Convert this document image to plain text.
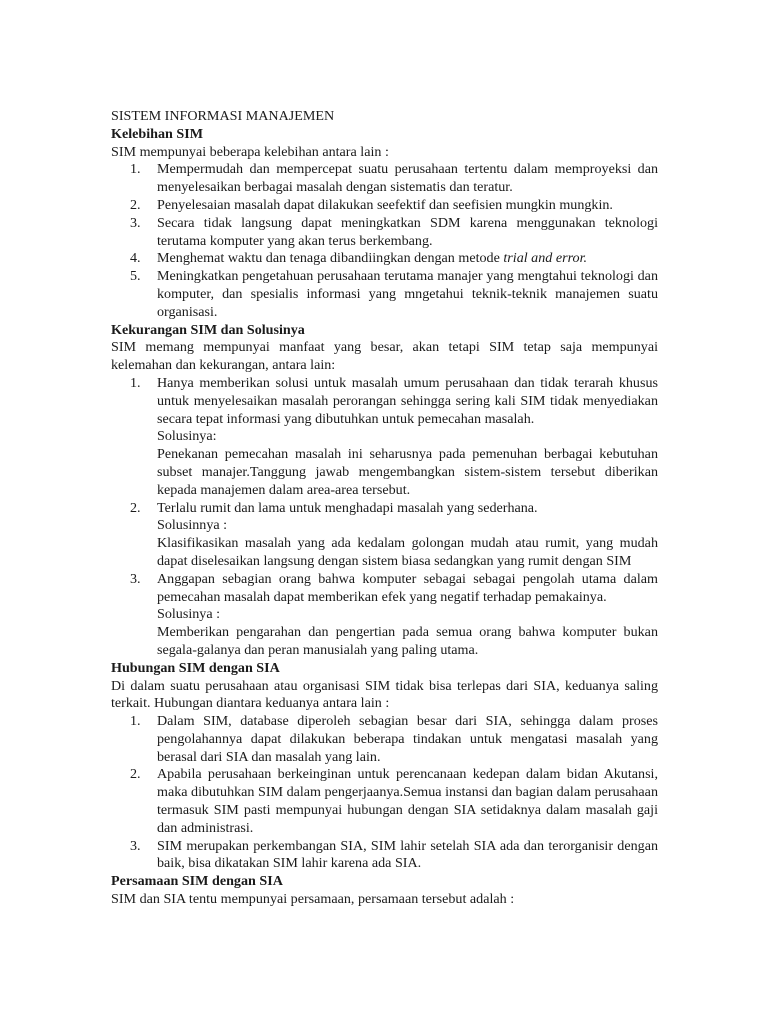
SISTEM INFORMASI MANAJEMEN
Kelebihan SIM
SIM mempunyai beberapa kelebihan antara lain :
1.	Mempermudah dan mempercepat suatu perusahaan tertentu dalam memproyeksi dan menyelesaikan berbagai masalah dengan sistematis dan teratur.
2.	Penyelesaian masalah dapat dilakukan seefektif dan seefisien mungkin mungkin.
3.	Secara tidak langsung dapat meningkatkan SDM karena menggunakan teknologi terutama komputer yang akan terus berkembang.
4.	Menghemat waktu dan tenaga dibandiingkan dengan metode trial and error.
5.	Meningkatkan pengetahuan perusahaan terutama manajer yang mengtahui teknologi dan komputer, dan spesialis informasi yang mngetahui teknik-teknik manajemen suatu organisasi.
Kekurangan SIM dan Solusinya
SIM memang mempunyai manfaat yang besar, akan tetapi SIM tetap saja mempunyai kelemahan dan kekurangan, antara lain:
1.	Hanya memberikan solusi untuk masalah umum perusahaan dan tidak terarah khusus untuk menyelesaikan masalah perorangan sehingga sering kali SIM tidak menyediakan secara tepat informasi yang dibutuhkan untuk pemecahan masalah.
Solusinya:
Penekanan pemecahan masalah ini seharusnya pada pemenuhan berbagai kebutuhan subset manajer.Tanggung jawab mengembangkan sistem-sistem tersebut diberikan kepada manajemen dalam area-area tersebut.
2.	Terlalu rumit dan lama untuk menghadapi masalah yang sederhana.
Solusinnya :
Klasifikasikan masalah yang ada kedalam golongan mudah atau rumit, yang mudah dapat diselesaikan langsung dengan sistem biasa sedangkan yang rumit dengan SIM
3.	Anggapan sebagian orang bahwa komputer sebagai sebagai pengolah utama dalam pemecahan masalah dapat memberikan efek yang negatif terhadap pemakainya.
Solusinya :
Memberikan pengarahan dan pengertian pada semua orang bahwa komputer bukan segala-galanya dan peran manusialah yang paling utama.
Hubungan SIM dengan SIA
Di dalam suatu perusahaan atau organisasi SIM tidak bisa terlepas dari SIA, keduanya saling terkait. Hubungan diantara keduanya antara lain :
1.	Dalam SIM, database diperoleh sebagian besar dari SIA, sehingga dalam proses pengolahannya dapat dilakukan beberapa tindakan untuk mengatasi masalah yang berasal dari SIA dan masalah yang lain.
2.	Apabila perusahaan berkeinginan untuk perencanaan kedepan dalam bidan Akutansi, maka dibutuhkan SIM dalam pengerjaanya.Semua instansi dan bagian dalam perusahaan termasuk SIM pasti mempunyai hubungan dengan SIA setidaknya dalam masalah gaji dan administrasi.
3.	SIM merupakan perkembangan SIA, SIM lahir setelah SIA ada dan terorganisir dengan baik, bisa dikatakan SIM lahir karena ada SIA.
Persamaan SIM dengan SIA
SIM dan SIA tentu mempunyai persamaan, persamaan tersebut adalah :
